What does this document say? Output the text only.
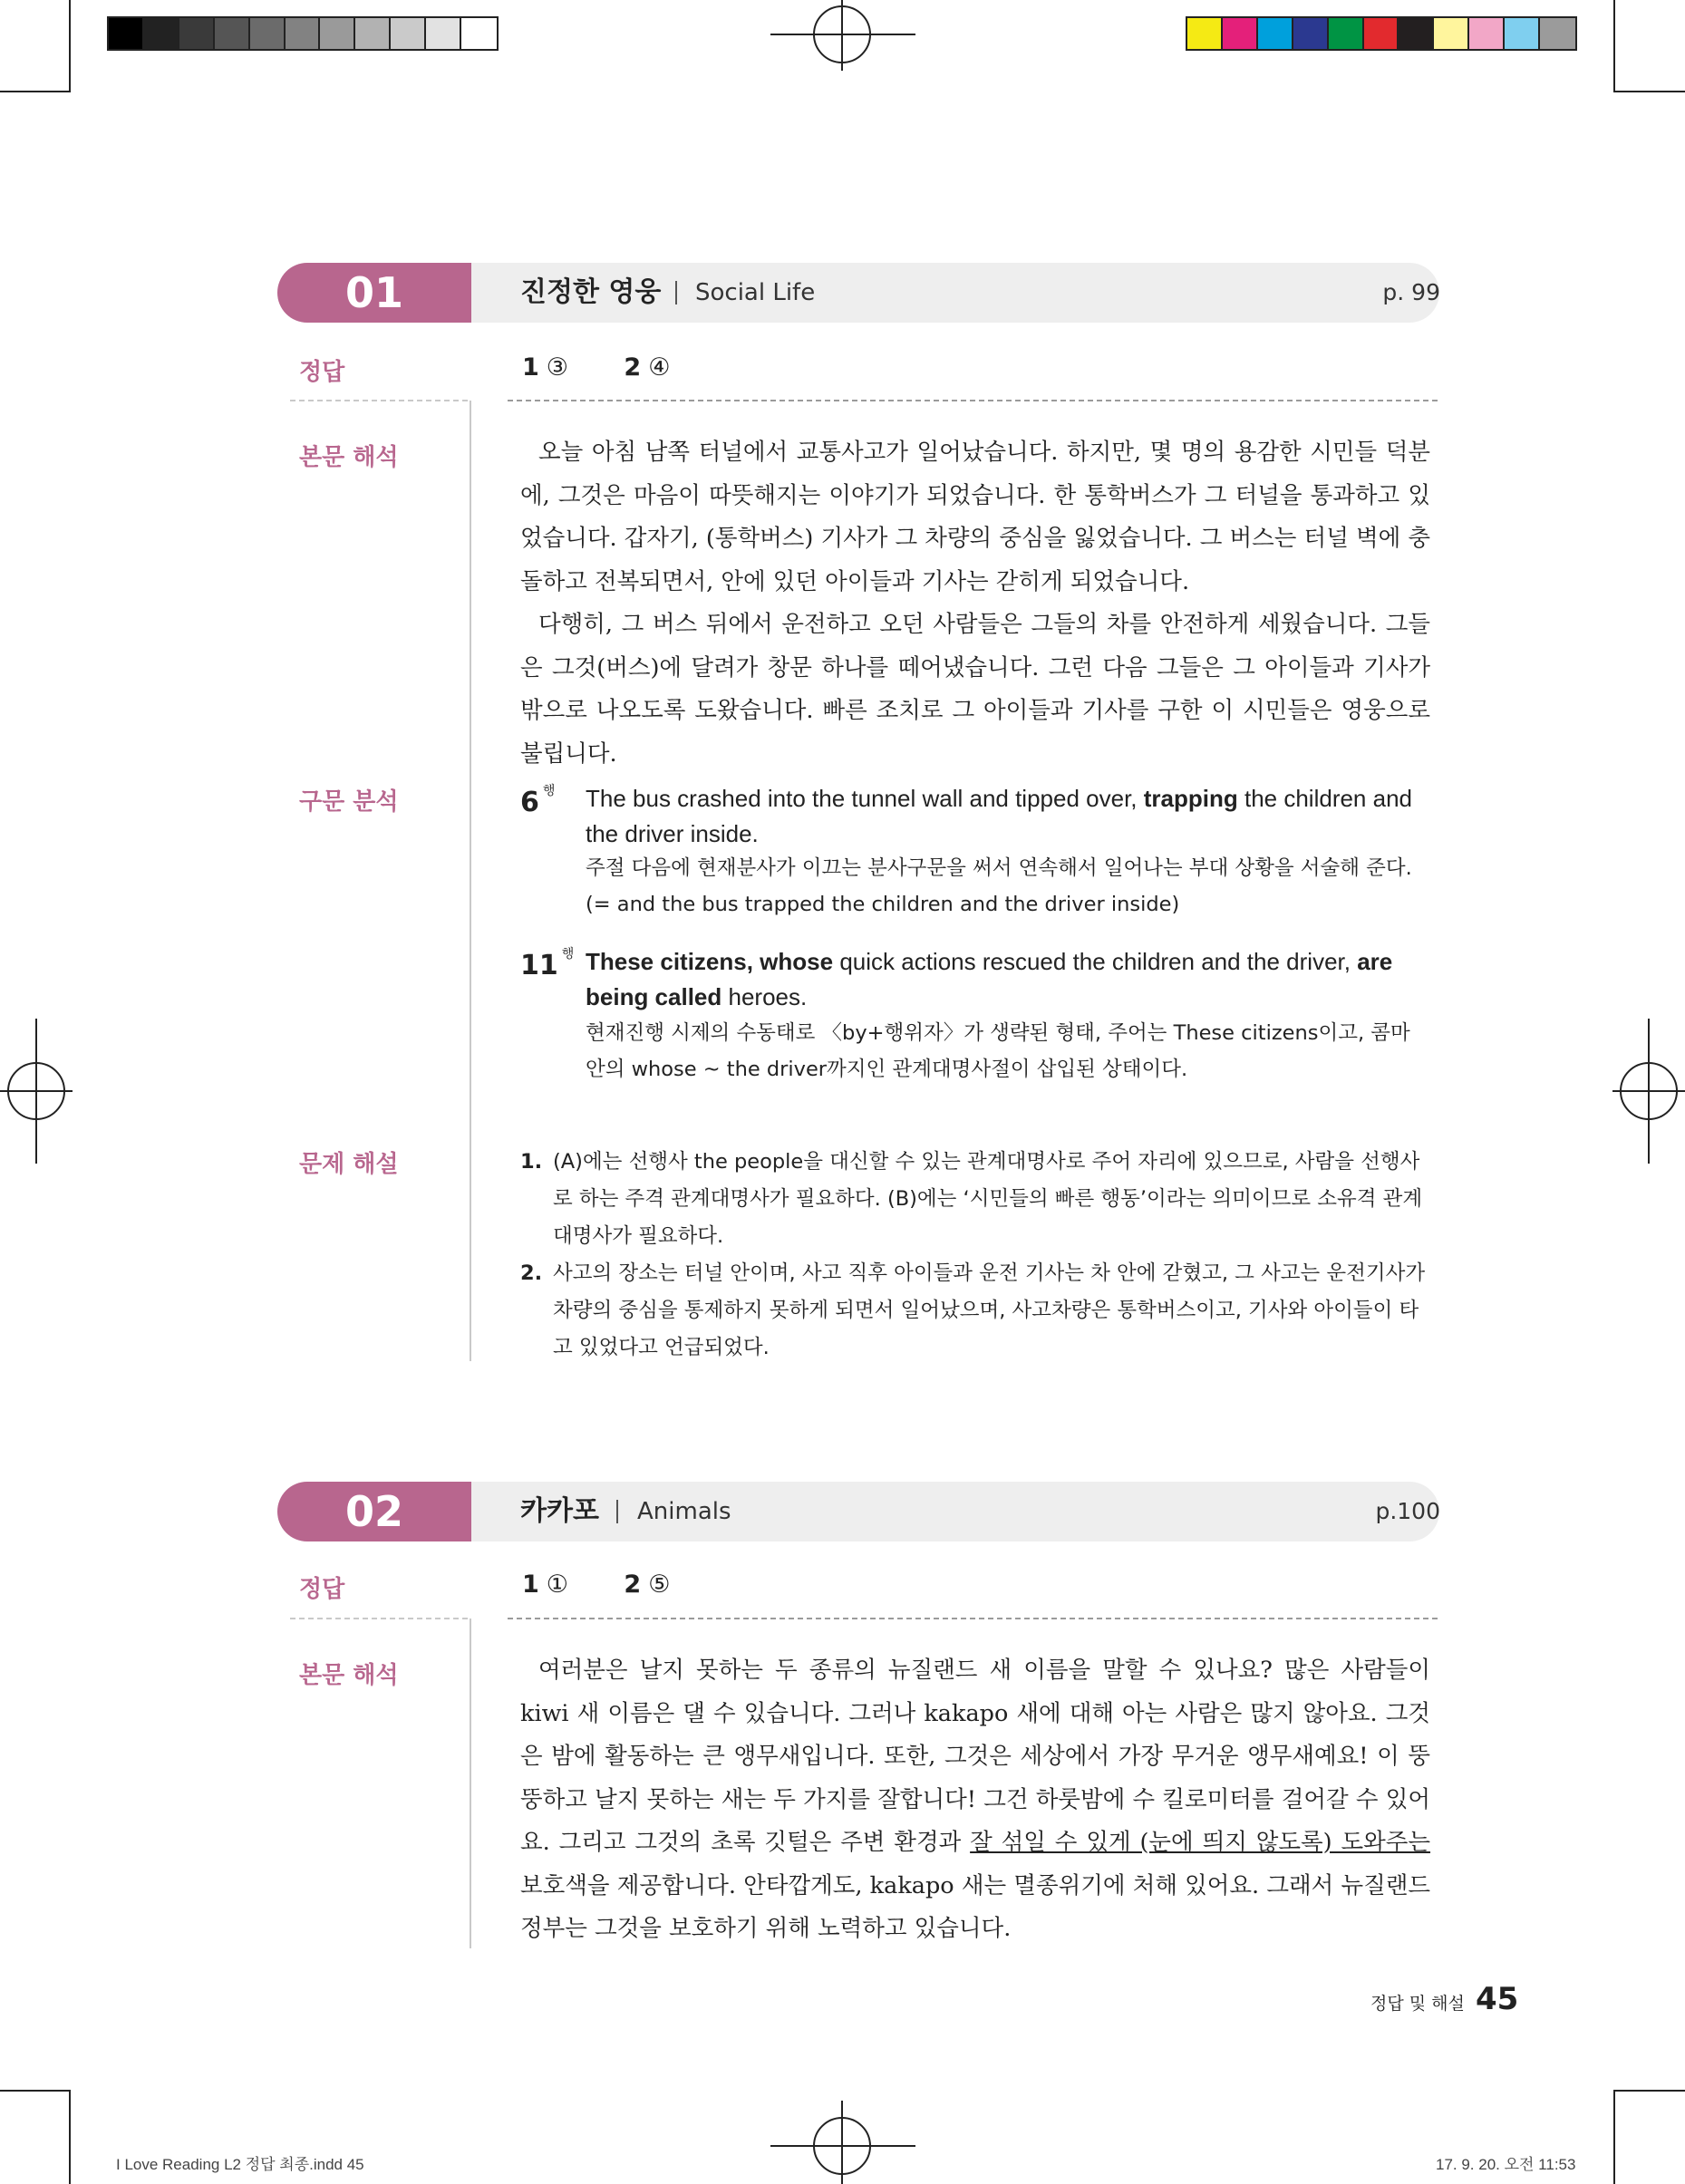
01	진정한 영웅 Social Life	p. 99
정답	1 ③ 2 ④
본문 해석	오늘 아침 남쪽 터널에서 교통사고가 일어났습니다. 하지만, 몇 명의 용감한 시민들 덕분에, 그것은 마음이 따뜻해지는 이야기가 되었습니다. 한 통학버스가 그 터널을 통과하고 있었습니다. 갑자기, (통학버스) 기사가 그 차량의 중심을 잃었습니다. 그 버스는 터널 벽에 충돌하고 전복되면서, 안에 있던 아이들과 기사는 갇히게 되었습니다.

다행히, 그 버스 뒤에서 운전하고 오던 사람들은 그들의 차를 안전하게 세웠습니다. 그들은 그것(버스)에 달려가 창문 하나를 떼어냈습니다. 그런 다음 그들은 그 아이들과 기사가 밖으로 나오도록 도왔습니다. 빠른 조치로 그 아이들과 기사를 구한 이 시민들은 영웅으로 불립니다.

구문 분석	6 $^행$ The bus crashed into the tunnel wall and tipped over, trapping the children and the driver inside.
주절 다음에 현재분사가 이끄는 분사구문을 써서 연속해서 일어나는 부대 상황을 서술해 준다.
(= and the bus trapped the children and the driver inside)
11 $^행$ These citizens, whose quick actions rescued the children and the driver, are being called heroes.
현재진행 시제의 수동태로 〈by+행위자〉가 생략된 형태, 주어는 These citizens이고, 콤마 안의 whose ~ the driver까지인 관계대명사절이 삽입된 상태이다.
문제 해설	1. (A)에는 선행사 the people을 대신할 수 있는 관계대명사로 주어 자리에 있으므로, 사람을 선행사로 하는 주격 관계대명사가 필요하다. (B)에는 ‘시민들의 빠른 행동’이라는 의미이므로 소유격 관계대명사가 필요하다.
2. 사고의 장소는 터널 안이며, 사고 직후 아이들과 운전 기사는 차 안에 갇혔고, 그 사고는 운전기사가 차량의 중심을 통제하지 못하게 되면서 일어났으며, 사고차량은 통학버스이고, 기사와 아이들이 타고 있었다고 언급되었다.
02	카카포 Animals	p.100
정답	1 ① 2 ⑤
본문 해석	여러분은 날지 못하는 두 종류의 뉴질랜드 새 이름을 말할 수 있나요? 많은 사람들이 kiwi 새 이름은 댈 수 있습니다. 그러나 kakapo 새에 대해 아는 사람은 많지 않아요. 그것은 밤에 활동하는 큰 앵무새입니다. 또한, 그것은 세상에서 가장 무거운 앵무새예요! 이 뚱뚱하고 날지 못하는 새는 두 가지를 잘합니다! 그건 하룻밤에 수 킬로미터를 걸어갈 수 있어요. 그리고 그것의 초록 깃털은 주변 환경과 잘 섞일 수 있게 (눈에 띄지 않도록) 도와주는 보호색을 제공합니다. 안타깝게도, kakapo 새는 멸종위기에 처해 있어요. 그래서 뉴질랜드 정부는 그것을 보호하기 위해 노력하고 있습니다.

정답 및 해설 45
I Love Reading L2 정답 최종.indd 45	17. 9. 20. 오전 11:53
